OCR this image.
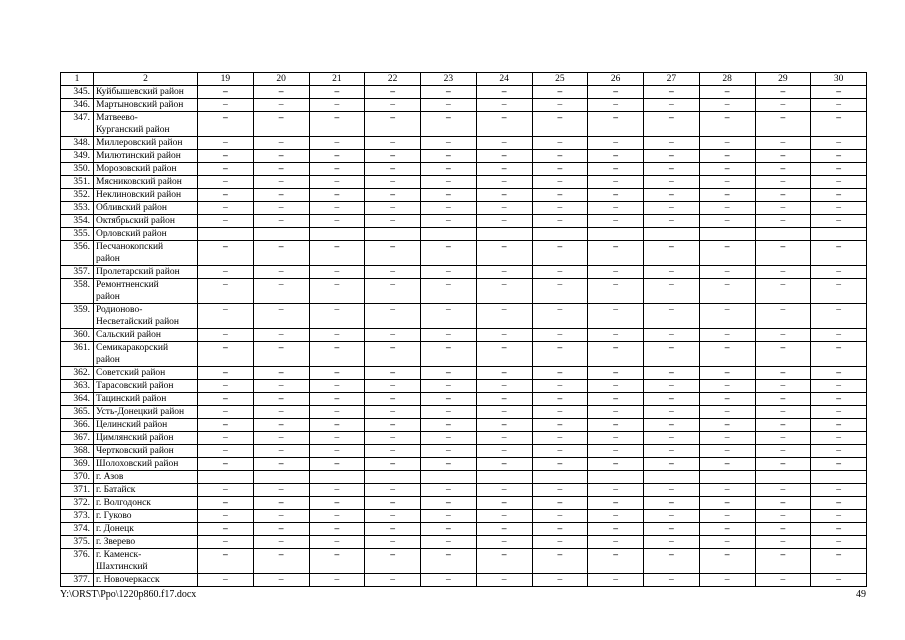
1	2	19	20	21	22	23	24	25	26	27	28	29	30
345.	Куйбышевский район	–	–	–	–	–	–	–	–	–	–	–	–
346.	Мартыновский район	–	–	–	–	–	–	–	–	–	–	–	–
347.	Матвеево-
Курганский район	–	–	–	–	–	–	–	–	–	–	–	–
348.	Миллеровский район	–	–	–	–	–	–	–	–	–	–	–	–
349.	Милютинский район	–	–	–	–	–	–	–	–	–	–	–	–
350.	Морозовский район	–	–	–	–	–	–	–	–	–	–	–	–
351.	Мясниковский район	–	–	–	–	–	–	–	–	–	–	–	–
352.	Неклиновский район	–	–	–	–	–	–	–	–	–	–	–	–
353.	Обливский район	–	–	–	–	–	–	–	–	–	–	–	–
354.	Октябрьский район	–	–	–	–	–	–	–	–	–	–	–	–
355.	Орловский район												

356.	Песчанокопский
район	–	–	–	–	–	–	–	–	–	–	–	–
357.	Пролетарский район	–	–	–	–	–	–	–	–	–	–	–	–
358.	Ремонтненский
район	–	–	–	–	–	–	–	–	–	–	–	–
359.	Родионово-
Несветайский район	–	–	–	–	–	–	–	–	–	–	–	–
360.	Сальский район	–	–	–	–	–	–	–	–	–	–	–	–
361.	Семикаракорский
район	–	–	–	–	–	–	–	–	–	–	–	–
362.	Советский район	–	–	–	–	–	–	–	–	–	–	–	–
363.	Тарасовский район	–	–	–	–	–	–	–	–	–	–	–	–
364.	Тацинский район	–	–	–	–	–	–	–	–	–	–	–	–
365.	Усть-Донецкий район	–	–	–	–	–	–	–	–	–	–	–	–
366.	Целинский район	–	–	–	–	–	–	–	–	–	–	–	–
367.	Цимлянский район	–	–	–	–	–	–	–	–	–	–	–	–
368.	Чертковский район	–	–	–	–	–	–	–	–	–	–	–	–
369.	Шолоховский район	–	–	–	–	–	–	–	–	–	–	–	–
370.	г. Азов												

371.	г. Батайск	–	–	–	–	–	–	–	–	–	–	–	–
372.	г. Волгодонск	–	–	–	–	–	–	–	–	–	–	–	–
373.	г. Гуково	–	–	–	–	–	–	–	–	–	–	–	–
374.	г. Донецк	–	–	–	–	–	–	–	–	–	–	–	–
375.	г. Зверево	–	–	–	–	–	–	–	–	–	–	–	–
376.	г. Каменск-
Шахтинский	–	–	–	–	–	–	–	–	–	–	–	–
377.	г. Новочеркасск	–	–	–	–	–	–	–	–	–	–	–	–
Y:\ORST\Ppo\1220p860.f17.docx	49
